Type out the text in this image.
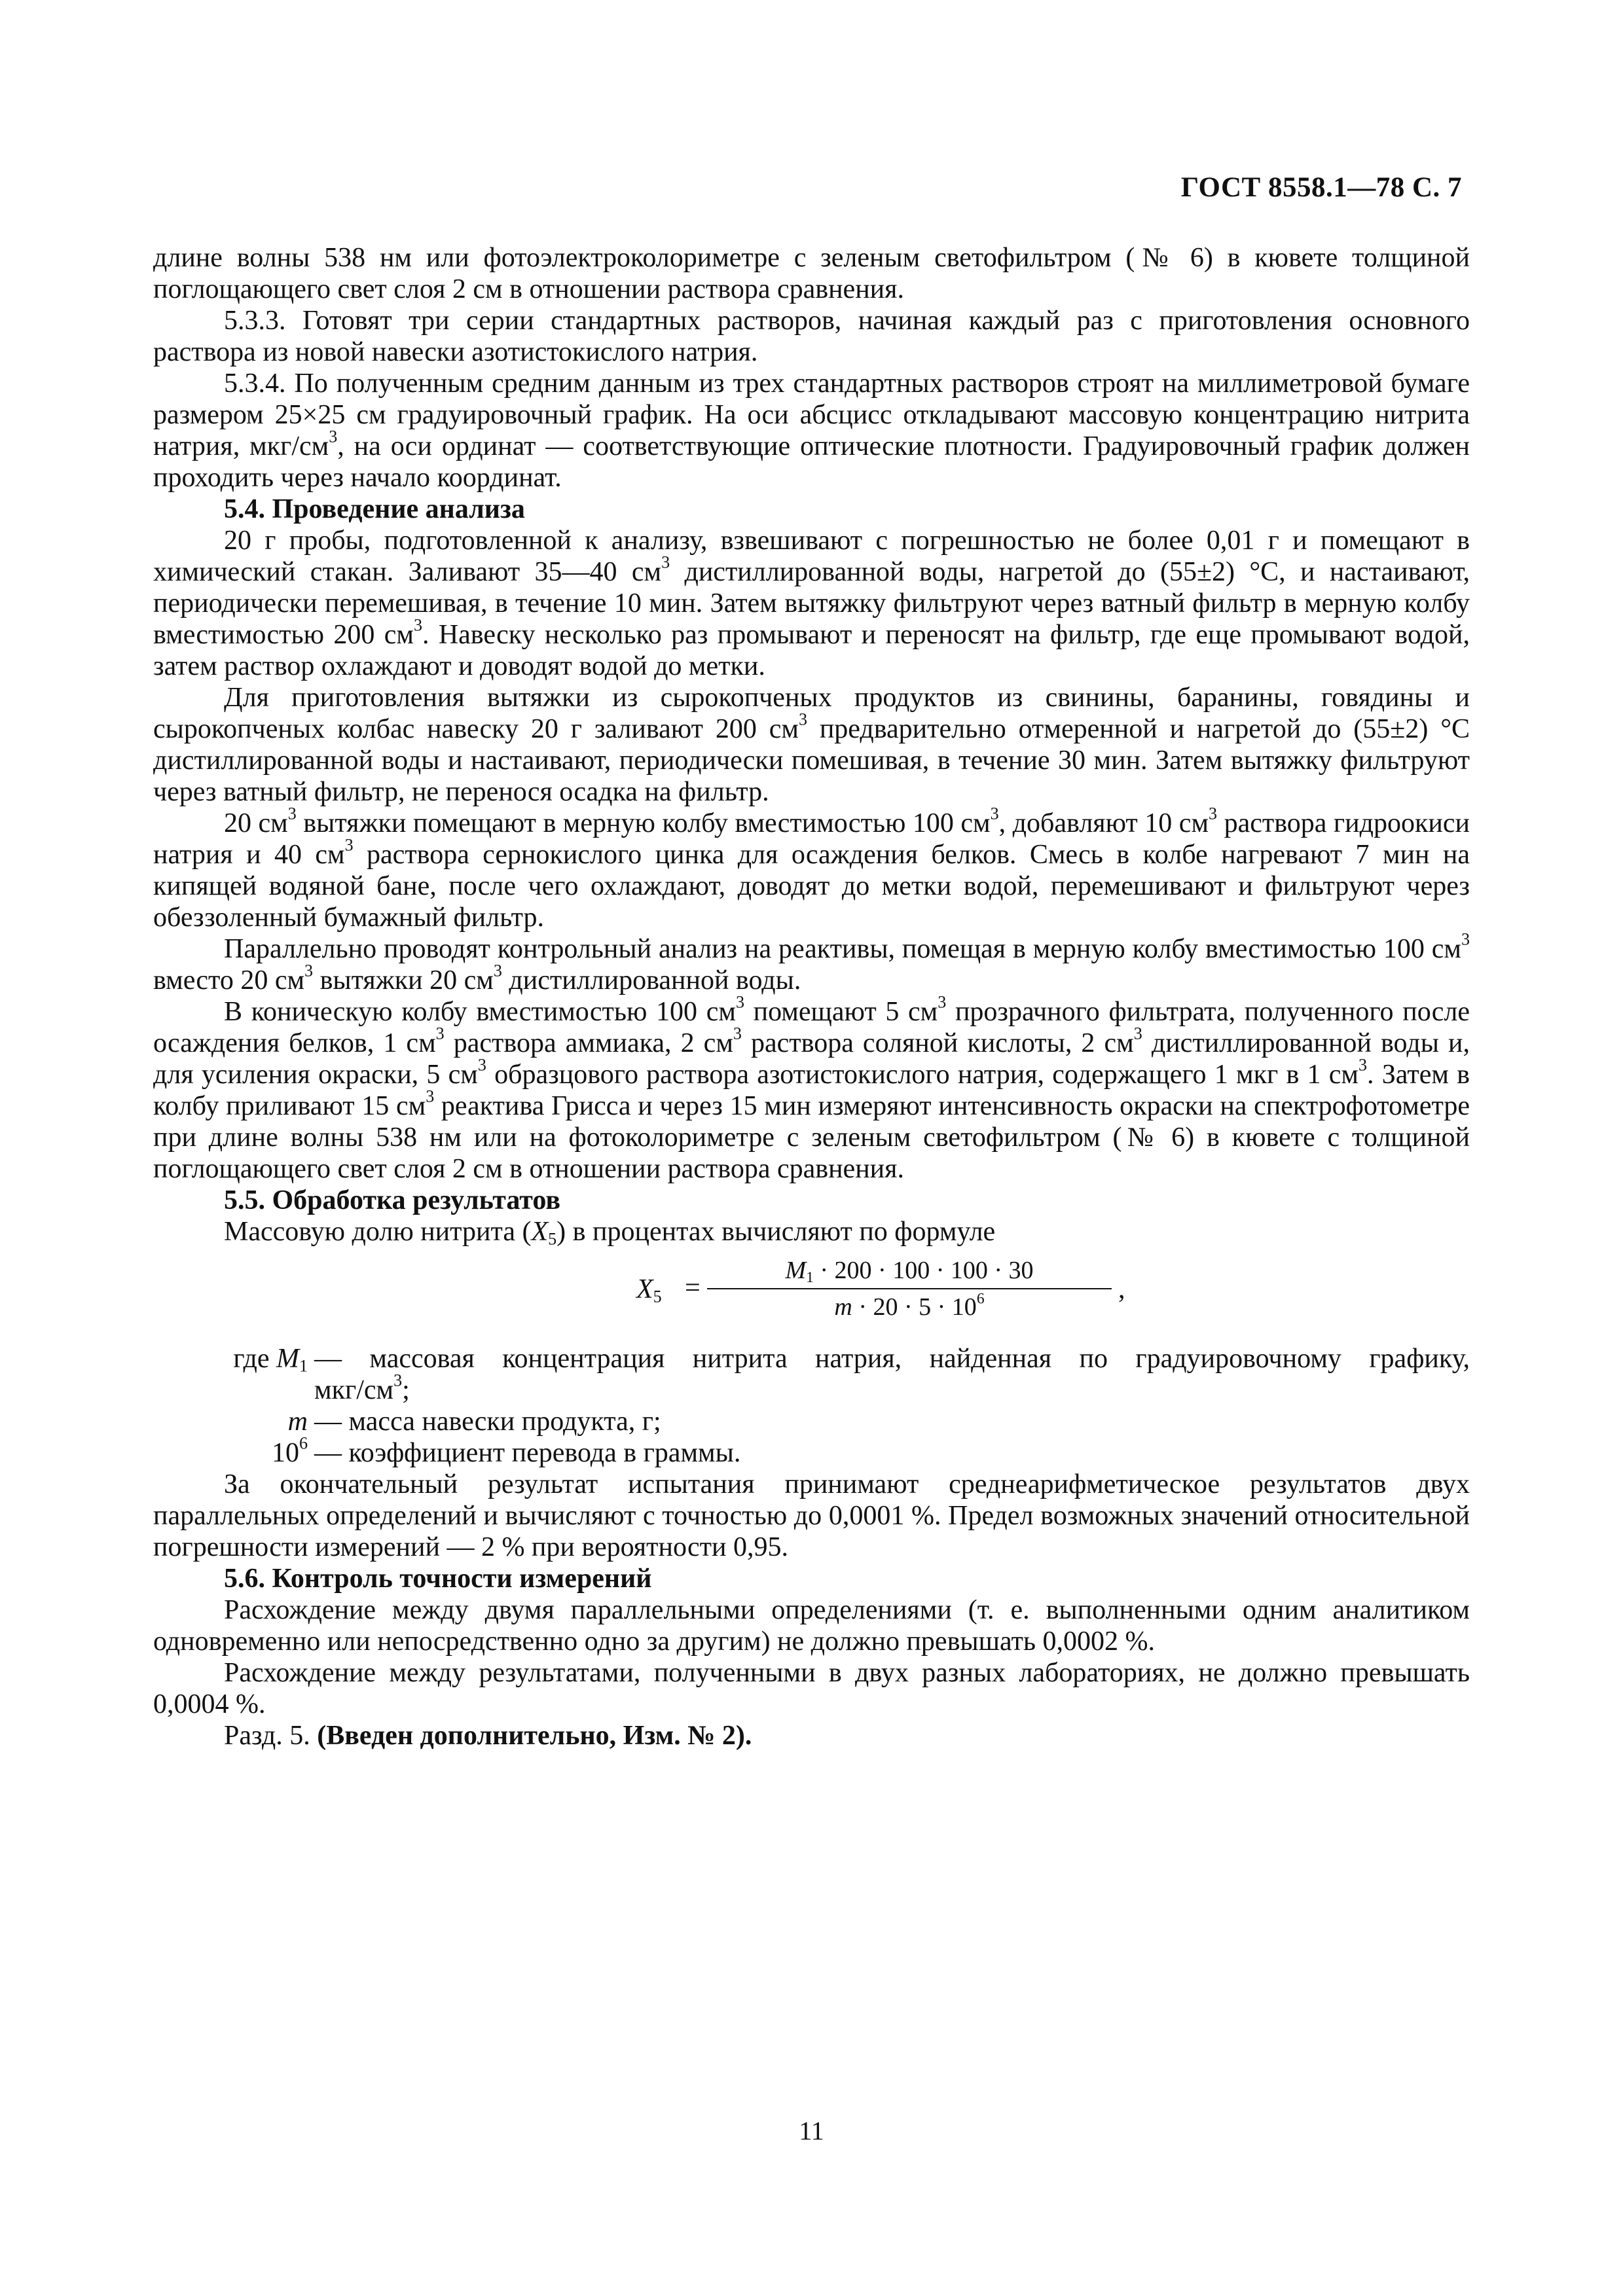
ГОСТ 8558.1—78 С. 7

длине волны 538 нм или фотоэлектроколориметре с зеленым светофильтром (№ 6) в кювете толщиной поглощающего свет слоя 2 см в отношении раствора сравнения.

5.3.3. Готовят три серии стандартных растворов, начиная каждый раз с приготовления основного раствора из новой навески азотистокислого натрия.

5.3.4. По полученным средним данным из трех стандартных растворов строят на миллиметровой бумаге размером 25×25 см градуировочный график. На оси абсцисс откладывают массовую концентрацию нитрита натрия, мкг/$см^3$, на оси ординат — соответствующие оптические плотности. Градуировочный график должен проходить через начало координат.

5.4. Проведение анализа

20 г пробы, подготовленной к анализу, взвешивают с погрешностью не более 0,01 г и помещают в химический стакан. Заливают 35—40 $см^3$ дистиллированной воды, нагретой до (55±2) °С, и настаивают, периодически перемешивая, в течение 10 мин. Затем вытяжку фильтруют через ватный фильтр в мерную колбу вместимостью 200 $см^3$. Навеску несколько раз промывают и переносят на фильтр, где еще промывают водой, затем раствор охлаждают и доводят водой до метки.

Для приготовления вытяжки из сырокопченых продуктов из свинины, баранины, говядины и сырокопченых колбас навеску 20 г заливают 200 $см^3$ предварительно отмеренной и нагретой до (55±2) °С дистиллированной воды и настаивают, периодически помешивая, в течение 30 мин. Затем вытяжку фильтруют через ватный фильтр, не перенося осадка на фильтр.

20 $см^3$ вытяжки помещают в мерную колбу вместимостью 100 $см^3$, добавляют 10 $см^3$ раствора гидроокиси натрия и 40 $см^3$ раствора сернокислого цинка для осаждения белков. Смесь в колбе нагревают 7 мин на кипящей водяной бане, после чего охлаждают, доводят до метки водой, перемешивают и фильтруют через обеззоленный бумажный фильтр.

Параллельно проводят контрольный анализ на реактивы, помещая в мерную колбу вместимостью 100 $см^3$ вместо 20 $см^3$ вытяжки 20 $см^3$ дистиллированной воды.

В коническую колбу вместимостью 100 $см^3$ помещают 5 $см^3$ прозрачного фильтрата, полученного после осаждения белков, 1 $см^3$ раствора аммиака, 2 $см^3$ раствора соляной кислоты, 2 $см^3$ дистиллированной воды и, для усиления окраски, 5 $см^3$ образцового раствора азотистокислого натрия, содержащего 1 мкг в 1 $см^3$. Затем в колбу приливают 15 $см^3$ реактива Грисса и через 15 мин измеряют интенсивность окраски на спектрофотометре при длине волны 538 нм или на фотоколориметре с зеленым светофильтром (№ 6) в кювете с толщиной поглощающего свет слоя 2 см в отношении раствора сравнения.

5.5. Обработка результатов

Массовую долю нитрита $(X_5)$ в процентах вычисляют по формуле

$X_5$ =
$M_1 \cdot 200 \cdot 100 \cdot 100 \cdot 30$
$m \cdot 20 \cdot 5 \cdot 10^6$	,
где $M_1$ — массовая концентрация нитрита натрия, найденная по градуировочному графику,
мкг/$см^3$;
m — масса навески продукта, г;
$10^6$ — коэффициент перевода в граммы.

За окончательный результат испытания принимают среднеарифметическое результатов двух параллельных определений и вычисляют с точностью до 0,0001 %. Предел возможных значений относительной погрешности измерений — 2 % при вероятности 0,95.

5.6. Контроль точности измерений

Расхождение между двумя параллельными определениями (т. е. выполненными одним аналитиком одновременно или непосредственно одно за другим) не должно превышать 0,0002 %.

Расхождение между результатами, полученными в двух разных лабораториях, не должно превышать 0,0004 %.

Разд. 5. (Введен дополнительно, Изм. № 2).

11
